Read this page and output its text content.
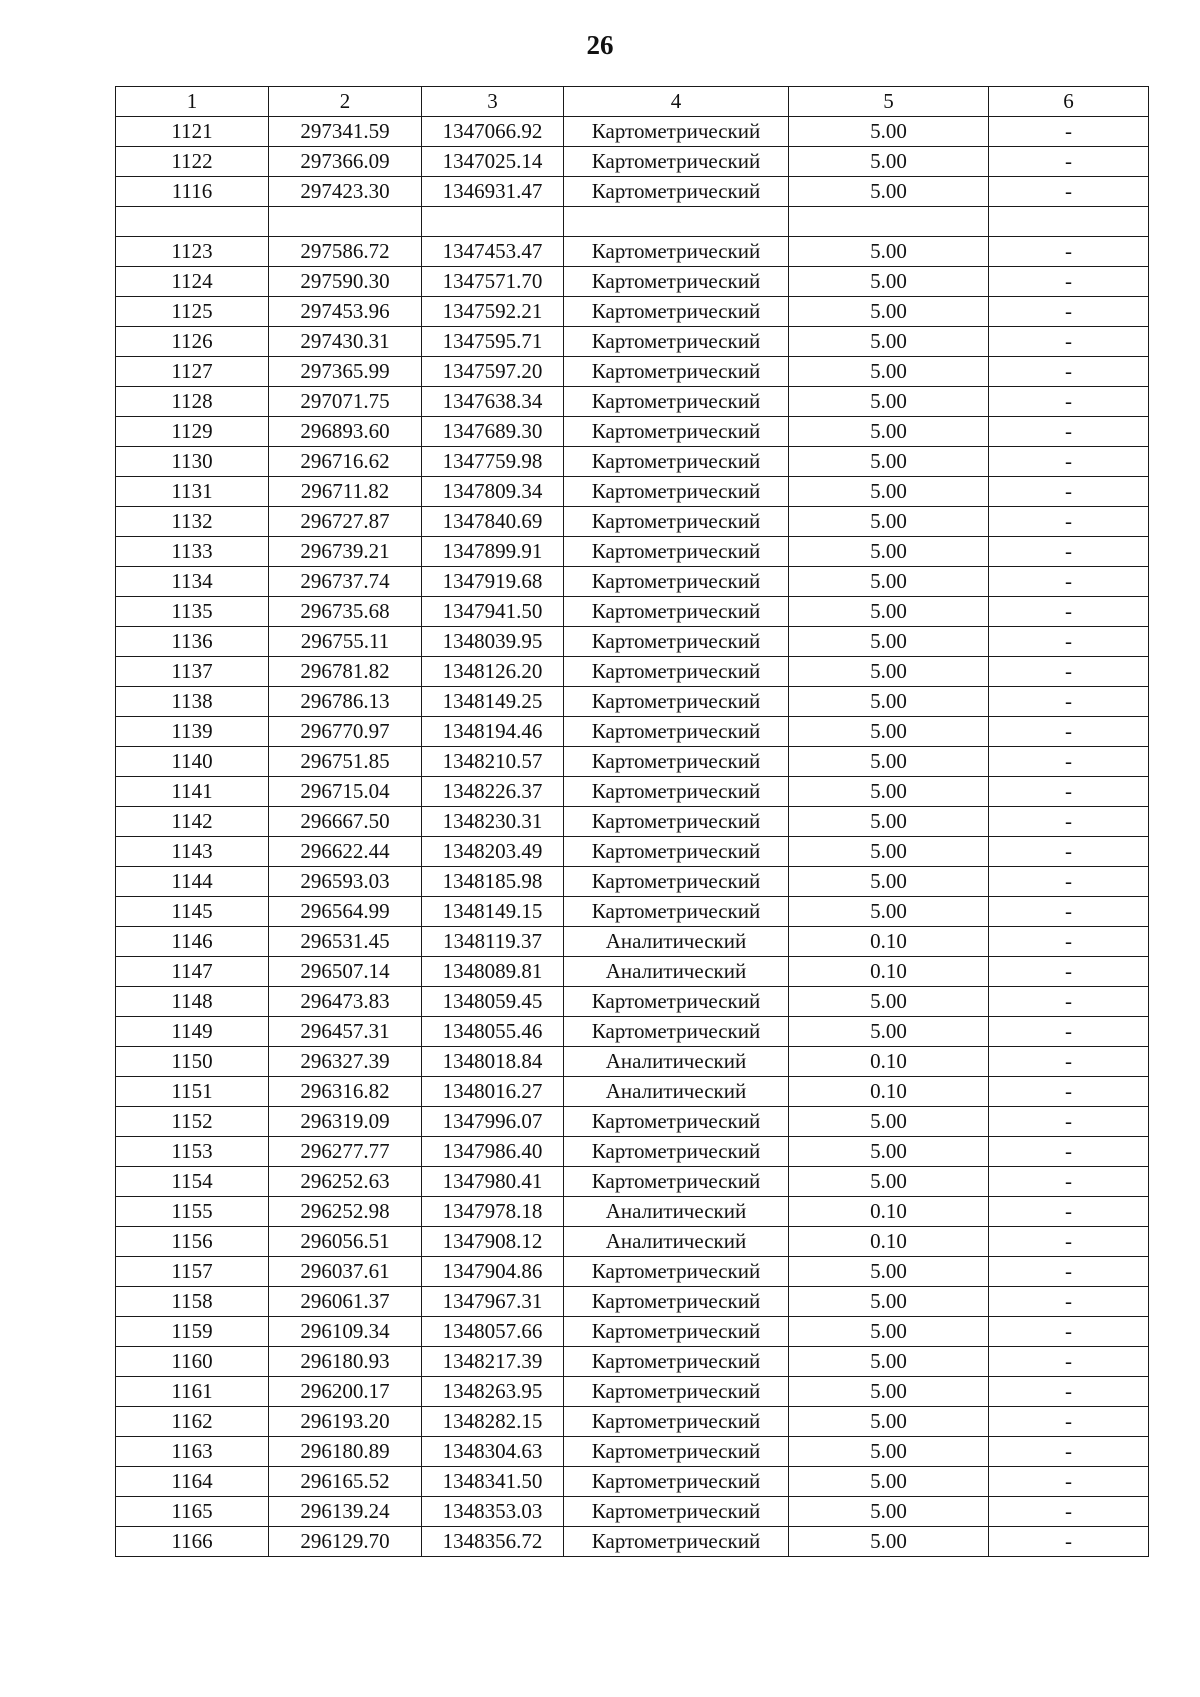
26
1	2	3	4	5	6
1121	297341.59	1347066.92	Картометрический	5.00	-
1122	297366.09	1347025.14	Картометрический	5.00	-
1116	297423.30	1346931.47	Картометрический	5.00	-

1123	297586.72	1347453.47	Картометрический	5.00	-
1124	297590.30	1347571.70	Картометрический	5.00	-
1125	297453.96	1347592.21	Картометрический	5.00	-
1126	297430.31	1347595.71	Картометрический	5.00	-
1127	297365.99	1347597.20	Картометрический	5.00	-
1128	297071.75	1347638.34	Картометрический	5.00	-
1129	296893.60	1347689.30	Картометрический	5.00	-
1130	296716.62	1347759.98	Картометрический	5.00	-
1131	296711.82	1347809.34	Картометрический	5.00	-
1132	296727.87	1347840.69	Картометрический	5.00	-
1133	296739.21	1347899.91	Картометрический	5.00	-
1134	296737.74	1347919.68	Картометрический	5.00	-
1135	296735.68	1347941.50	Картометрический	5.00	-
1136	296755.11	1348039.95	Картометрический	5.00	-
1137	296781.82	1348126.20	Картометрический	5.00	-
1138	296786.13	1348149.25	Картометрический	5.00	-
1139	296770.97	1348194.46	Картометрический	5.00	-
1140	296751.85	1348210.57	Картометрический	5.00	-
1141	296715.04	1348226.37	Картометрический	5.00	-
1142	296667.50	1348230.31	Картометрический	5.00	-
1143	296622.44	1348203.49	Картометрический	5.00	-
1144	296593.03	1348185.98	Картометрический	5.00	-
1145	296564.99	1348149.15	Картометрический	5.00	-
1146	296531.45	1348119.37	Аналитический	0.10	-
1147	296507.14	1348089.81	Аналитический	0.10	-
1148	296473.83	1348059.45	Картометрический	5.00	-
1149	296457.31	1348055.46	Картометрический	5.00	-
1150	296327.39	1348018.84	Аналитический	0.10	-
1151	296316.82	1348016.27	Аналитический	0.10	-
1152	296319.09	1347996.07	Картометрический	5.00	-
1153	296277.77	1347986.40	Картометрический	5.00	-
1154	296252.63	1347980.41	Картометрический	5.00	-
1155	296252.98	1347978.18	Аналитический	0.10	-
1156	296056.51	1347908.12	Аналитический	0.10	-
1157	296037.61	1347904.86	Картометрический	5.00	-
1158	296061.37	1347967.31	Картометрический	5.00	-
1159	296109.34	1348057.66	Картометрический	5.00	-
1160	296180.93	1348217.39	Картометрический	5.00	-
1161	296200.17	1348263.95	Картометрический	5.00	-
1162	296193.20	1348282.15	Картометрический	5.00	-
1163	296180.89	1348304.63	Картометрический	5.00	-
1164	296165.52	1348341.50	Картометрический	5.00	-
1165	296139.24	1348353.03	Картометрический	5.00	-
1166	296129.70	1348356.72	Картометрический	5.00	-
